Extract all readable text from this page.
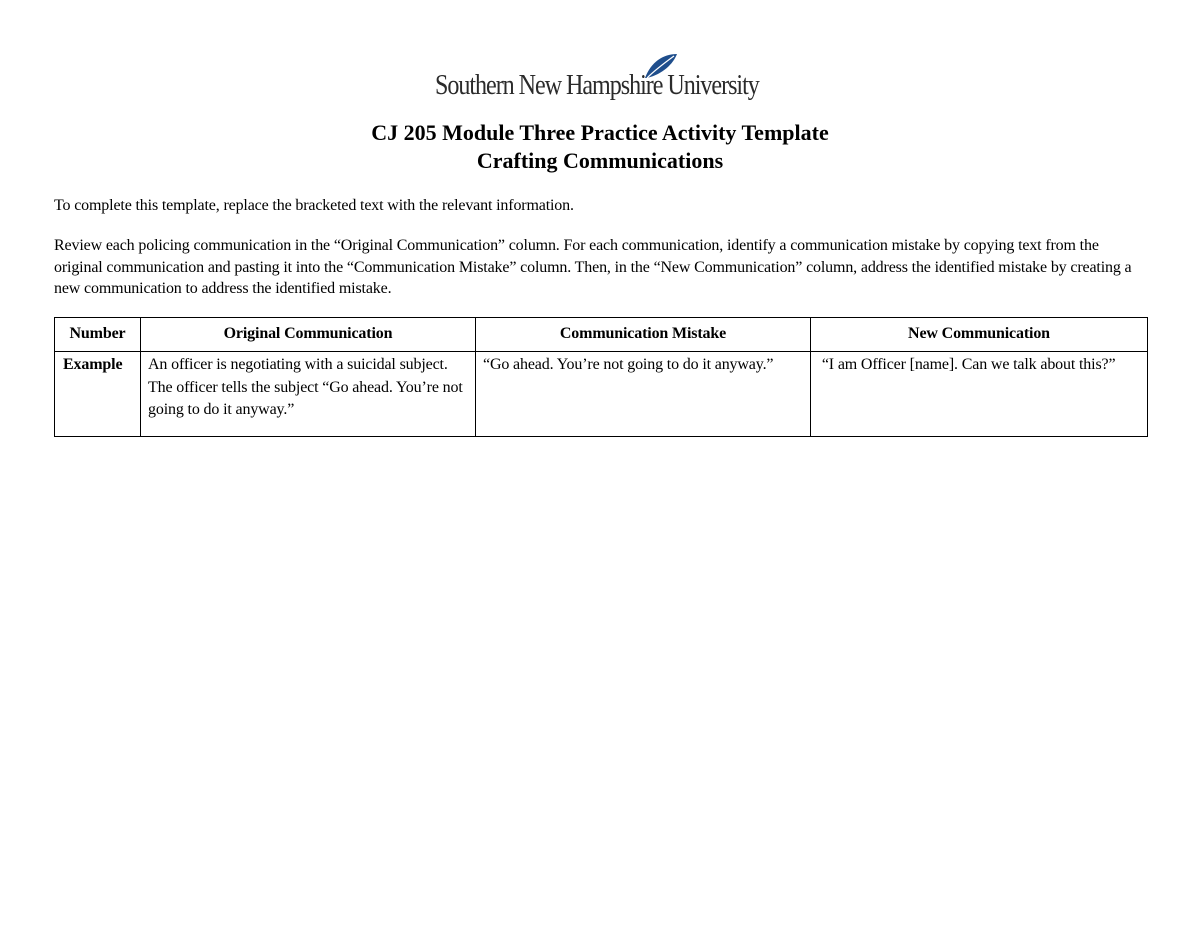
Southern New Hampshire University
CJ 205 Module Three Practice Activity Template
Crafting Communications
To complete this template, replace the bracketed text with the relevant information.
Review each policing communication in the “Original Communication” column. For each communication, identify a communication mistake by copying text from the original communication and pasting it into the “Communication Mistake” column. Then, in the “New Communication” column, address the identified mistake by creating a new communication to address the identified mistake.
Number	Original Communication	Communication Mistake	New Communication
Example	An officer is negotiating with a suicidal subject. The officer tells the subject “Go ahead. You’re not going to do it anyway.”	“Go ahead. You’re not going to do it anyway.”	“I am Officer [name]. Can we talk about this?”
